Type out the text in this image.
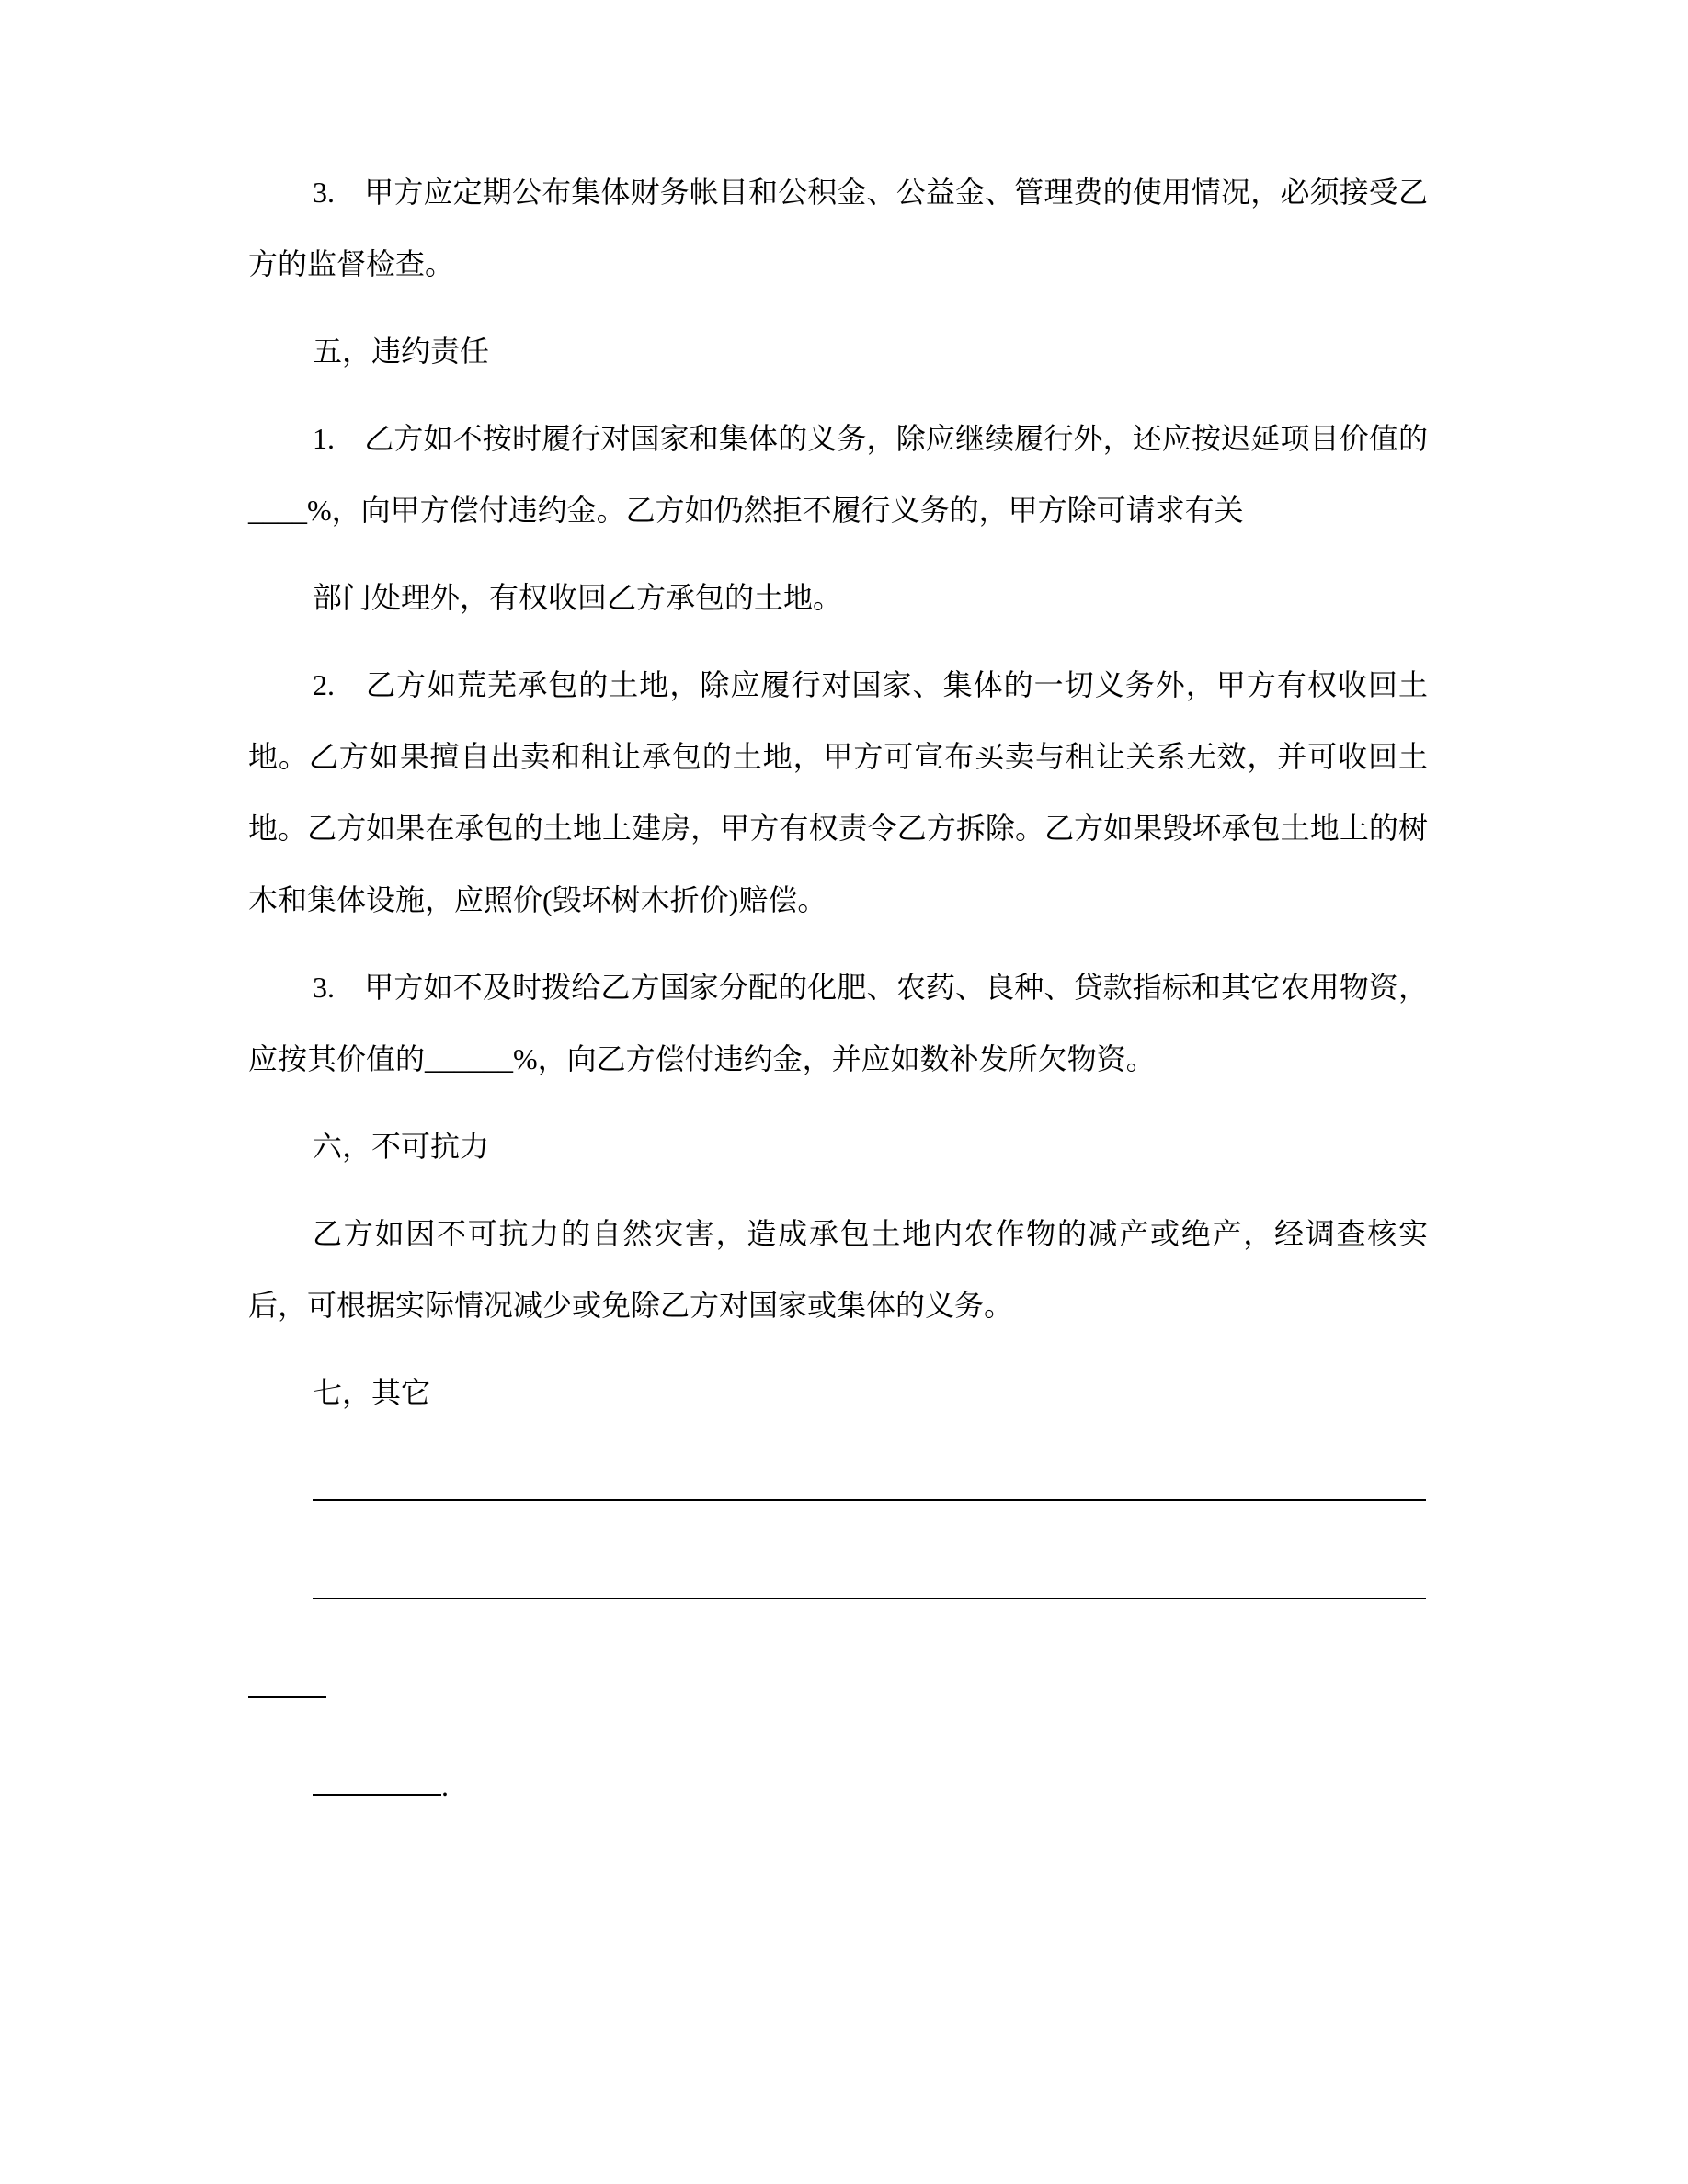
3.　甲方应定期公布集体财务帐目和公积金、公益金、管理费的使用情况，必须接受乙方的监督检查。

五，违约责任

1.　乙方如不按时履行对国家和集体的义务，除应继续履行外，还应按迟延项目价值的____%，向甲方偿付违约金。乙方如仍然拒不履行义务的，甲方除可请求有关

部门处理外，有权收回乙方承包的土地。

2.　乙方如荒芜承包的土地，除应履行对国家、集体的一切义务外，甲方有权收回土地。乙方如果擅自出卖和租让承包的土地，甲方可宣布买卖与租让关系无效，并可收回土地。乙方如果在承包的土地上建房，甲方有权责令乙方拆除。乙方如果毁坏承包土地上的树木和集体设施，应照价(毁坏树木折价)赔偿。

3.　甲方如不及时拨给乙方国家分配的化肥、农药、良种、贷款指标和其它农用物资，应按其价值的______%，向乙方偿付违约金，并应如数补发所欠物资。

六，不可抗力

乙方如因不可抗力的自然灾害，造成承包土地内农作物的减产或绝产，经调查核实后，可根据实际情况减少或免除乙方对国家或集体的义务。

七，其它

.
